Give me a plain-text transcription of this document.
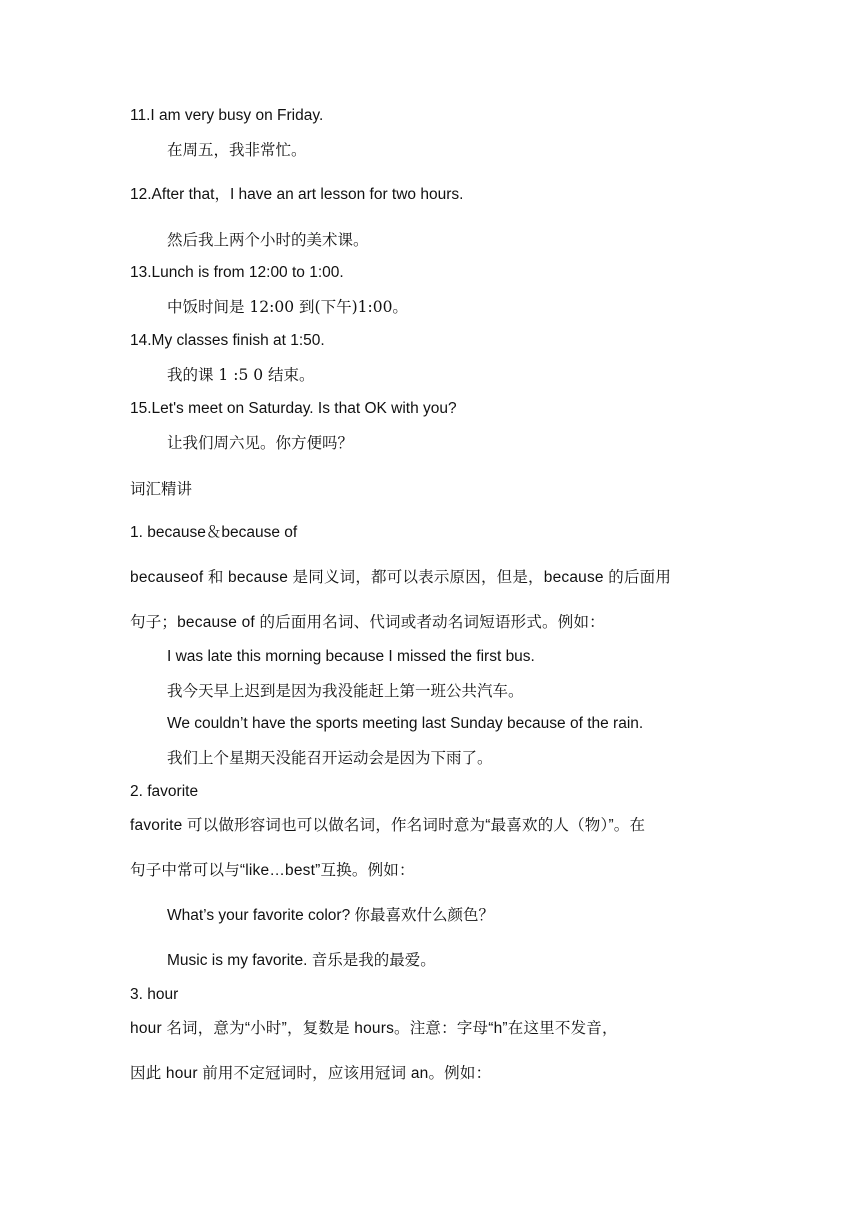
11.I am very busy on Friday.
在周五，我非常忙。
12.After that，I have an art lesson for two hours.
然后我上两个小时的美术课。
13.Lunch is from 12:00 to 1:00.
中饭时间是 12:00 到(下午)1:00。
14.My classes finish at 1:50.
我的课 1 :5 0 结束。
15.Let's meet on Saturday. Is that OK with you?
让我们周六见。你方便吗？
词汇精讲
1. because＆because of
becauseof 和 because 是同义词，都可以表示原因，但是，because 的后面用
句子；because of 的后面用名词、代词或者动名词短语形式。例如：
I was late this morning because I missed the first bus.
我今天早上迟到是因为我没能赶上第一班公共汽车。
We couldn’t have the sports meeting last Sunday because of the rain.
我们上个星期天没能召开运动会是因为下雨了。
2. favorite
favorite 可以做形容词也可以做名词，作名词时意为“最喜欢的人（物）”。在
句子中常可以与“like…best”互换。例如：
What’s your favorite color? 你最喜欢什么颜色？
Music is my favorite. 音乐是我的最爱。
3. hour
hour 名词，意为“小时”，复数是 hours。注意：字母“h”在这里不发音，
因此 hour 前用不定冠词时，应该用冠词 an。例如：
